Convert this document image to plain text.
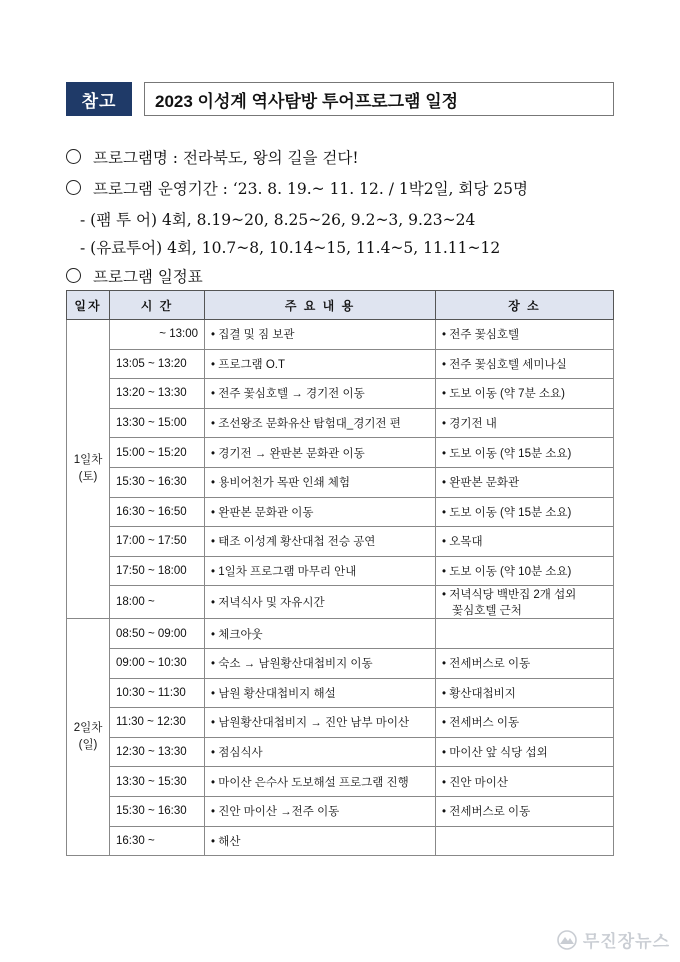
참고	2023 이성계 역사탐방 투어프로그램 일정
프로그램명 : 전라북도, 왕의 길을 걷다!
프로그램 운영기간 : ‘23. 8. 19.~ 11. 12. / 1박2일, 회당 25명
- (팸 투 어) 4회, 8.19~20, 8.25~26, 9.2~3, 9.23~24
- (유료투어) 4회, 10.7~8, 10.14~15, 11.4~5, 11.11~12
프로그램 일정표
일자	시 간	주 요 내 용	장 소
1일차
(토)	~ 13:00	• 집결 및 짐 보관	• 전주 꽃심호텔
	13:05 ~ 13:20	• 프로그램 O.T	• 전주 꽃심호텔 세미나실
	13:20 ~ 13:30	• 전주 꽃심호텔 → 경기전 이동	• 도보 이동 (약 7분 소요)
	13:30 ~ 15:00	• 조선왕조 문화유산 탐험대_경기전 편	• 경기전 내
	15:00 ~ 15:20	• 경기전 → 완판본 문화관 이동	• 도보 이동 (약 15분 소요)
	15:30 ~ 16:30	• 용비어천가 목판 인쇄 체험	• 완판본 문화관
	16:30 ~ 16:50	• 완판본 문화관 이동	• 도보 이동 (약 15분 소요)
	17:00 ~ 17:50	• 태조 이성계 황산대첩 전승 공연	• 오목대
	17:50 ~ 18:00	• 1일차 프로그램 마무리 안내	• 도보 이동 (약 10분 소요)
	18:00 ~	• 저녁식사 및 자유시간	• 저녁식당 백반집 2개 섭외
꽃심호텔 근처

2일차
(일)	08:50 ~ 09:00	• 체크아웃	
	09:00 ~ 10:30	• 숙소 → 남원황산대첩비지 이동	• 전세버스로 이동
	10:30 ~ 11:30	• 남원 황산대첩비지 해설	• 황산대첩비지
	11:30 ~ 12:30	• 남원황산대첩비지 → 진안 남부 마이산	• 전세버스 이동
	12:30 ~ 13:30	• 점심식사	• 마이산 앞 식당 섭외
	13:30 ~ 15:30	• 마이산 은수사 도보해설 프로그램 진행	• 진안 마이산
	15:30 ~ 16:30	• 진안 마이산 →전주 이동	• 전세버스로 이동
	16:30 ~	• 해산	
무진장뉴스
